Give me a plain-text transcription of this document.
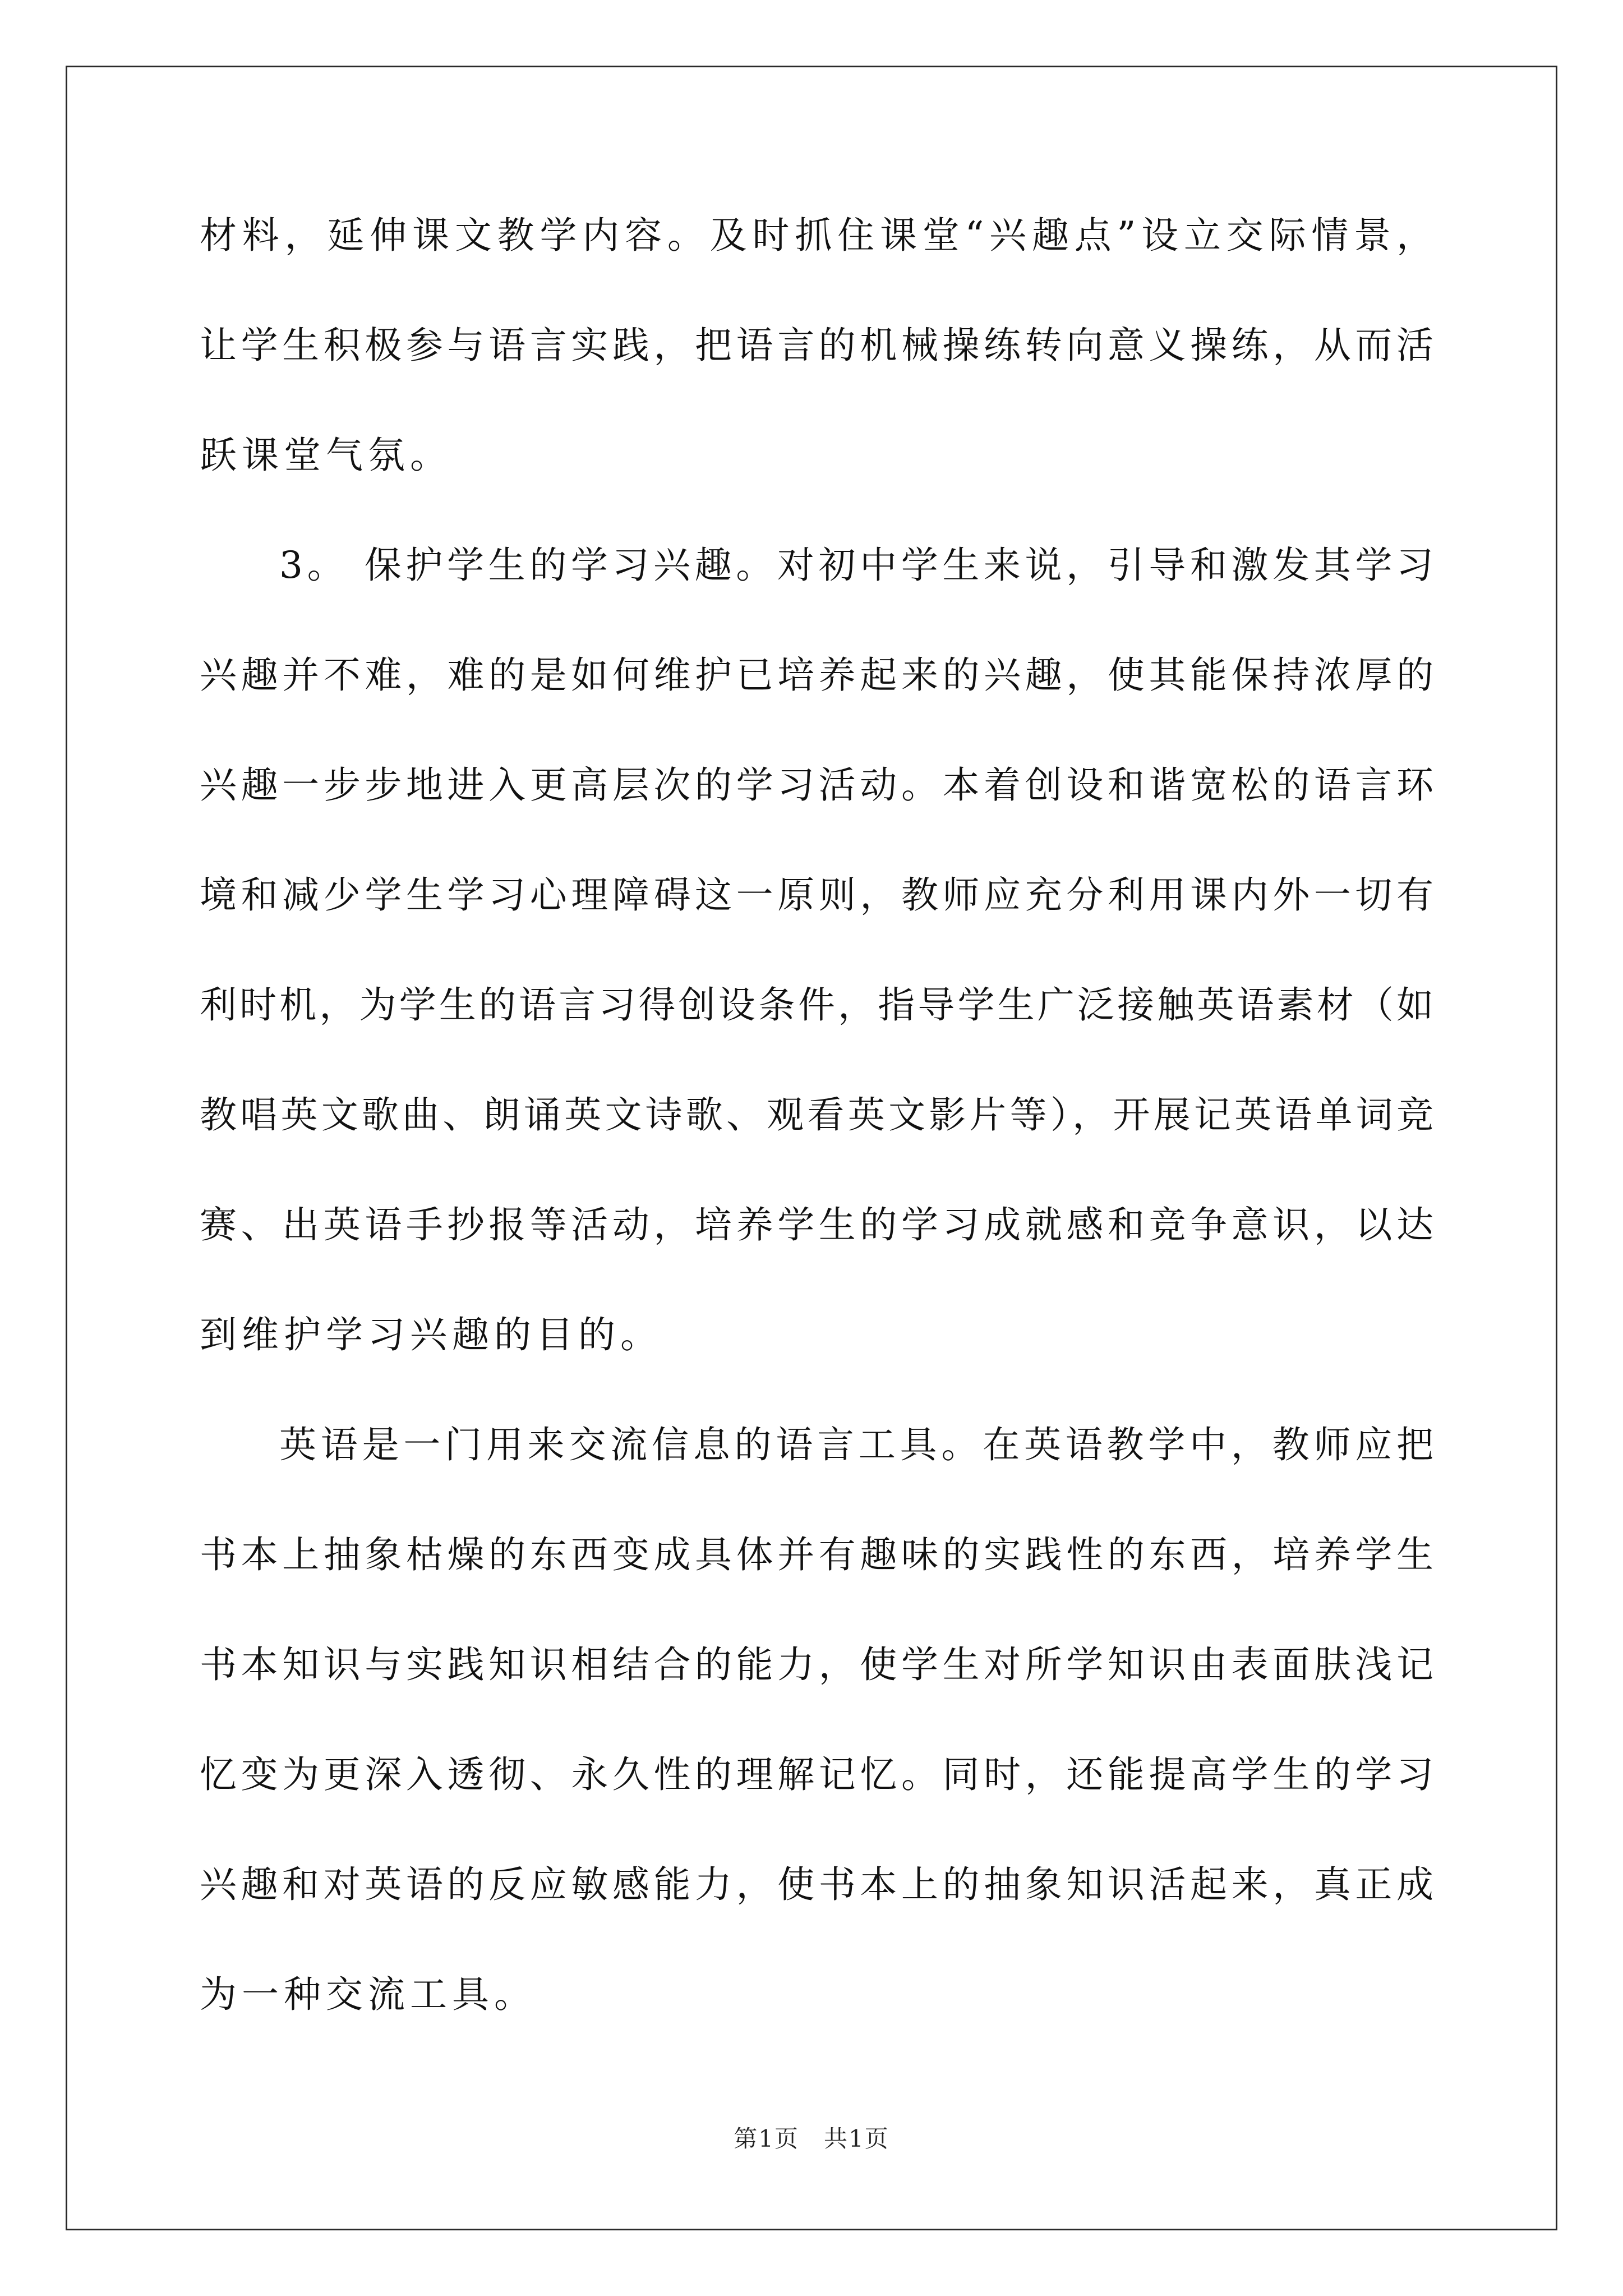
材料，延伸课文教学内容。及时抓住课堂“兴趣点”设立交际情景，
让学生积极参与语言实践，把语言的机械操练转向意义操练，从而活
跃课堂气氛。
3。 保护学生的学习兴趣。对初中学生来说，引导和激发其学习
兴趣并不难，难的是如何维护已培养起来的兴趣，使其能保持浓厚的
兴趣一步步地进入更高层次的学习活动。本着创设和谐宽松的语言环
境和减少学生学习心理障碍这一原则，教师应充分利用课内外一切有
利时机，为学生的语言习得创设条件，指导学生广泛接触英语素材（如
教唱英文歌曲、朗诵英文诗歌、观看英文影片等），开展记英语单词竞
赛、出英语手抄报等活动，培养学生的学习成就感和竞争意识，以达
到维护学习兴趣的目的。
英语是一门用来交流信息的语言工具。在英语教学中，教师应把
书本上抽象枯燥的东西变成具体并有趣味的实践性的东西，培养学生
书本知识与实践知识相结合的能力，使学生对所学知识由表面肤浅记
忆变为更深入透彻、永久性的理解记忆。同时，还能提高学生的学习
兴趣和对英语的反应敏感能力，使书本上的抽象知识活起来，真正成
为一种交流工具。
第1页　共1页
